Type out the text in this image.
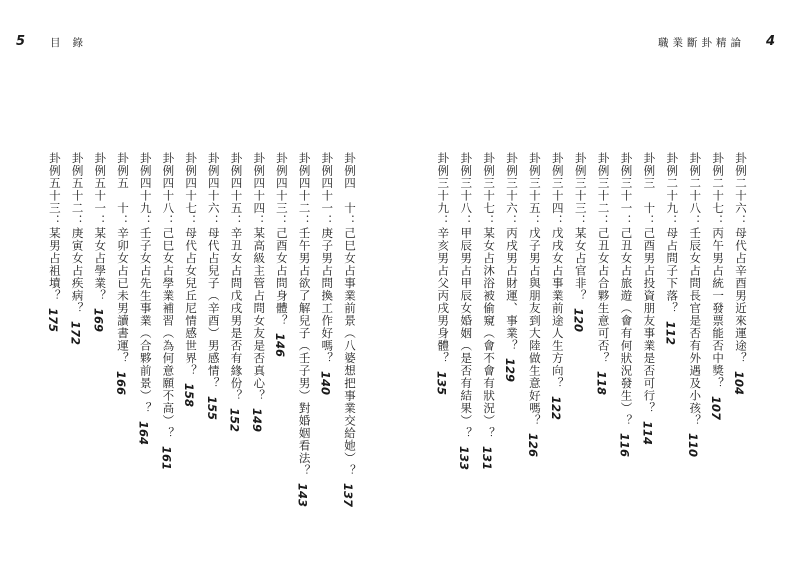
5 目錄
卦例四　十：己巳女占事業前景（八婆想把事業交給她）？
137
卦例四十一：庚子男占問換工作好嗎？
140
卦例四十二：壬午男占欲了解兒子（壬子男）對婚姻看法？
143
卦例四十三：己酉女占問身體？
146
卦例四十四：某高級主管占問女友是否真心？
149
卦例四十五：辛丑女占問戊戌男是否有緣份？
152
卦例四十六：母代占兒子（辛酉）男感情？
155
卦例四十七：母代占女兒丘尼情感世界？
158
卦例四十八：己巳女占學業補習（為何意願不高）？
161
卦例四十九：壬子女占先生事業（合夥前景）？
164
卦例五　十：辛卯女占已未男讀書運？
166
卦例五十一：某女占學業？
169
卦例五十二：庚寅女占疾病？
172
卦例五十三：某男占祖墳？
175
4
職業斷卦精論
卦例二十六：母代占辛酉男近來運途？
104
卦例二十七：丙午男占統一發票能否中獎？
107
卦例二十八：壬辰女占問長官是否有外遇及小孩？
110
卦例二十九：母占問子下落？
112
卦例三　十：己酉男占投資朋友事業是否可行？
114
卦例三十一：己丑女占旅遊（會有何狀況發生）？
116
卦例三十二：己丑女占合夥生意可否？
118
卦例三十三：某女占官非？
120
卦例三十四：戊戌女占事業前途人生方向？
122
卦例三十五：戊子男占與朋友到大陸做生意好嗎？
126
卦例三十六：丙戌男占財運、事業？
129
卦例三十七：某女占沐浴被偷窺（會不會有狀況）？
131
卦例三十八：甲辰男占甲辰女婚姻（是否有結果）？
133
卦例三十九：辛亥男占父丙戌男身體？
135
